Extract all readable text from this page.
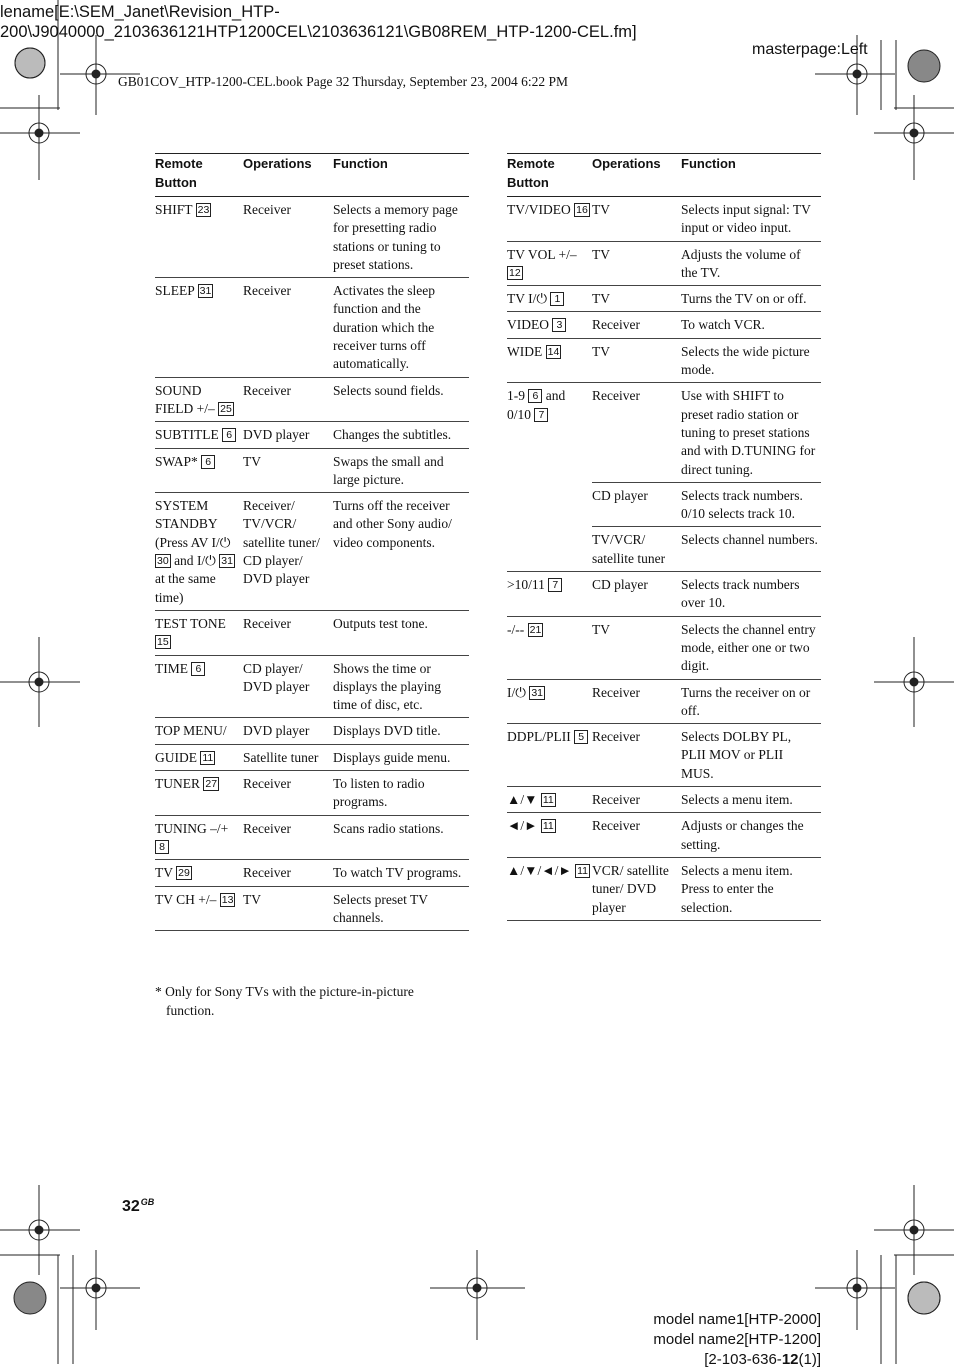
lename[E:\SEM_Janet\Revision_HTP-
200\J9040000_2103636121HTP1200CEL\2103636121\GB08REM_HTP-1200-CEL.fm]
masterpage:Left
GB01COV_HTP-1200-CEL.book Page 32 Thursday, September 23, 2004 6:22 PM
Remote Button	Operations	Function
SHIFT 23	Receiver	Selects a memory page for presetting radio stations or tuning to preset stations.
SLEEP 31	Receiver	Activates the sleep function and the duration which the receiver turns off automatically.
SOUND FIELD +/– 25	Receiver	Selects sound fields.
SUBTITLE 6	DVD player	Changes the subtitles.
SWAP* 6	TV	Swaps the small and large picture.
SYSTEM STANDBY (Press AV I/⏻ 30 and I/⏻ 31 at the same time)	Receiver/ TV/VCR/ satellite tuner/ CD player/ DVD player	Turns off the receiver and other Sony audio/ video components.
TEST TONE 15	Receiver	Outputs test tone.
TIME 6	CD player/ DVD player	Shows the time or displays the playing time of disc, etc.
TOP MENU/	DVD player	Displays DVD title.
GUIDE 11	Satellite tuner	Displays guide menu.
TUNER 27	Receiver	To listen to radio programs.
TUNING –/+ 8	Receiver	Scans radio stations.
TV 29	Receiver	To watch TV programs.
TV CH +/– 13	TV	Selects preset TV channels.
Remote Button	Operations	Function
TV/VIDEO 16	TV	Selects input signal: TV input or video input.
TV VOL +/– 12	TV	Adjusts the volume of the TV.
TV I/⏻ 1	TV	Turns the TV on or off.
VIDEO 3	Receiver	To watch VCR.
WIDE 14	TV	Selects the wide picture mode.
1-9 6 and 0/10 7	Receiver	Use with SHIFT to preset radio station or tuning to preset stations and with D.TUNING for direct tuning.
	CD player	Selects track numbers. 0/10 selects track 10.
	TV/VCR/ satellite tuner	Selects channel numbers.
>10/11 7	CD player	Selects track numbers over 10.
-/-- 21	TV	Selects the channel entry mode, either one or two digit.
I/⏻ 31	Receiver	Turns the receiver on or off.
DDPL/PLII 5	Receiver	Selects DOLBY PL, PLII MOV or PLII MUS.
▲/▼ 11	Receiver	Selects a menu item.
◄/► 11	Receiver	Adjusts or changes the setting.
▲/▼/◄/► 11	VCR/ satellite tuner/ DVD player	Selects a menu item. Press to enter the selection.
* Only for Sony TVs with the picture-in-picture
function.
$32^{GB}$
model name1[HTP-2000]
model name2[HTP-1200]
[2-103-636-12(1)]
